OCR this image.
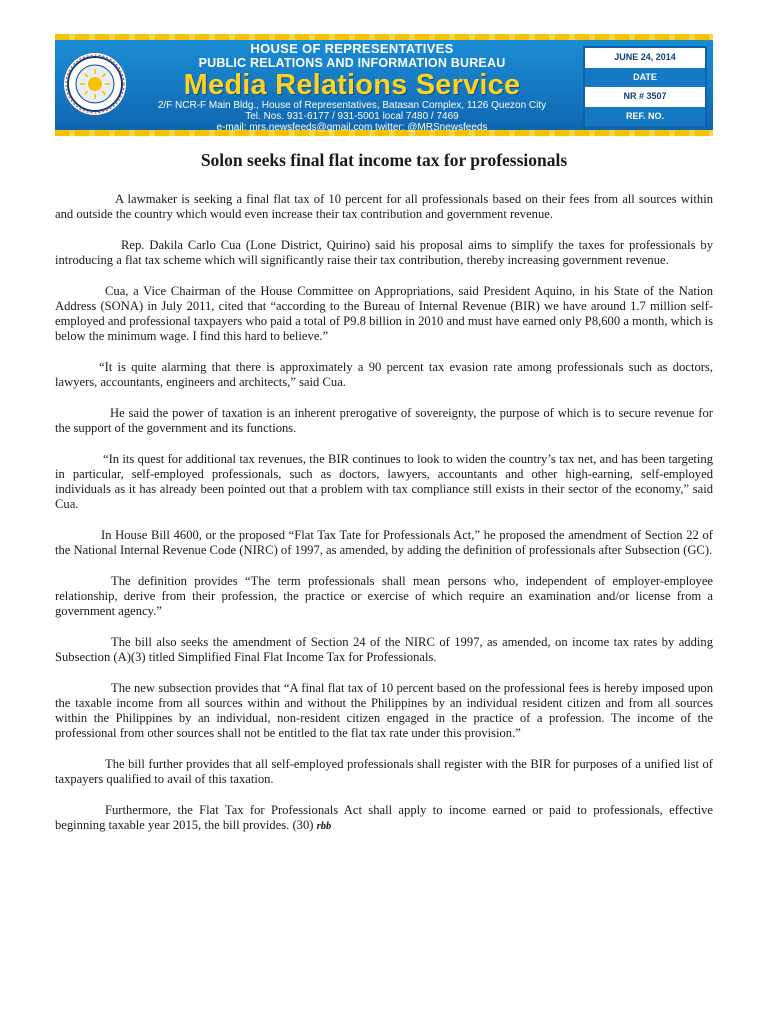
HOUSE OF REPRESENTATIVES
PUBLIC RELATIONS AND INFORMATION BUREAU
Media Relations Service
2/F NCR-F Main Bldg., House of Representatives, Batasan Complex, 1126 Quezon City
Tel. Nos. 931-6177 / 931-5001 local 7480 / 7469
e-mail: mrs.newsfeeds@gmail.com twitter: @MRSnewsfeeds
JUNE 24, 2014
DATE
NR # 3507
REF. NO.
Solon seeks final flat income tax for professionals

A lawmaker is seeking a final flat tax of 10 percent for all professionals based on their fees from all sources within and outside the country which would even increase their tax contribution and government revenue.

Rep. Dakila Carlo Cua (Lone District, Quirino) said his proposal aims to simplify the taxes for professionals by introducing a flat tax scheme which will significantly raise their tax contribution, thereby increasing government revenue.

Cua, a Vice Chairman of the House Committee on Appropriations, said President Aquino, in his State of the Nation Address (SONA) in July 2011, cited that “according to the Bureau of Internal Revenue (BIR) we have around 1.7 million self-employed and professional taxpayers who paid a total of P9.8 billion in 2010 and must have earned only P8,600 a month, which is below the minimum wage. I find this hard to believe.”

“It is quite alarming that there is approximately a 90 percent tax evasion rate among professionals such as doctors, lawyers, accountants, engineers and architects,” said Cua.

He said the power of taxation is an inherent prerogative of sovereignty, the purpose of which is to secure revenue for the support of the government and its functions.

“In its quest for additional tax revenues, the BIR continues to look to widen the country’s tax net, and has been targeting in particular, self-employed professionals, such as doctors, lawyers, accountants and other high-earning, self-employed individuals as it has already been pointed out that a problem with tax compliance still exists in their sector of the economy,” said Cua.

In House Bill 4600, or the proposed “Flat Tax Tate for Professionals Act,” he proposed the amendment of Section 22 of the National Internal Revenue Code (NIRC) of 1997, as amended, by adding the definition of professionals after Subsection (GC).

The definition provides “The term professionals shall mean persons who, independent of employer-employee relationship, derive from their profession, the practice or exercise of which require an examination and/or license from a government agency.”

The bill also seeks the amendment of Section 24 of the NIRC of 1997, as amended, on income tax rates by adding Subsection (A)(3) titled Simplified Final Flat Income Tax for Professionals.

The new subsection provides that “A final flat tax of 10 percent based on the professional fees is hereby imposed upon the taxable income from all sources within and without the Philippines by an individual resident citizen and from all sources within the Philippines by an individual, non-resident citizen engaged in the practice of a profession. The income of the professional from other sources shall not be entitled to the flat tax rate under this provision.”

The bill further provides that all self-employed professionals shall register with the BIR for purposes of a unified list of taxpayers qualified to avail of this taxation.

Furthermore, the Flat Tax for Professionals Act shall apply to income earned or paid to professionals, effective beginning taxable year 2015, the bill provides. (30) rbb
